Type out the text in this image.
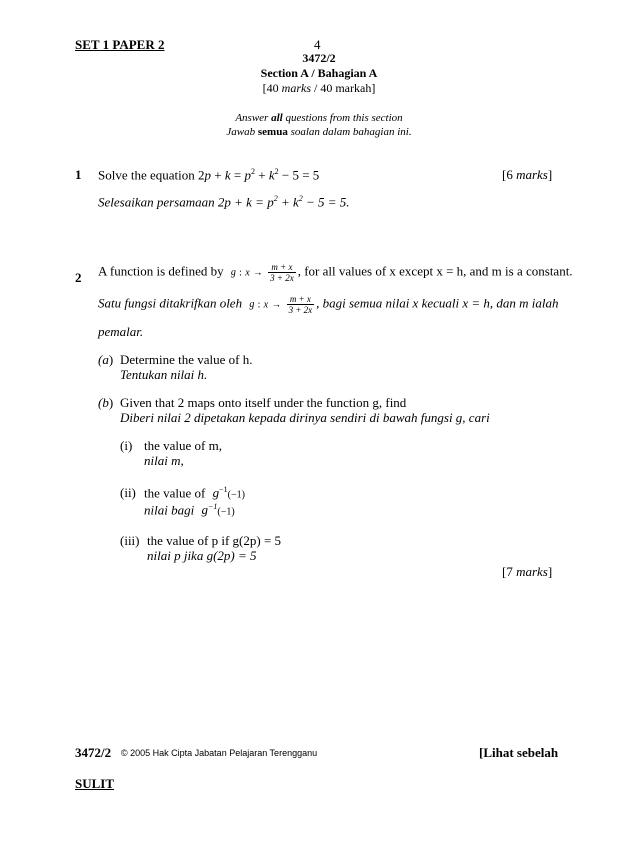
SET 1 PAPER 2	4
3472/2
Section A / Bahagian A
[40 marks / 40 markah]
Answer all questions from this section
Jawab semua soalan dalam bahagian ini.
1 Solve the equation $2p + k = p^2 + k^2 - 5 = 5$	[6 marks]
Selesaikan persamaan $2p + k = p^2 + k^2 - 5 = 5$.
2 A function is defined by g : $x \to \frac{m + x}{3 + 2x}$ , for all values of x except x = h, and m is a constant.
Satu fungsi ditakrifkan oleh g : $x \to \frac{m + x}{3 + 2x}$ , bagi semua nilai x kecuali x = h, dan m ialah
pemalar.
(a) Determine the value of h.
Tentukan nilai h.
(b) Given that 2 maps onto itself under the function g, find
Diberi nilai 2 dipetakan kepada dirinya sendiri di bawah fungsi g, cari
(i) the value of m,
nilai m,
(ii) the value of $g^{-1}(-1)$
nilai bagi $g^{-1}(-1)$
(iii) the value of p if g(2p) = 5
nilai p jika g(2p) = 5
[7 marks]
3472/2 © 2005 Hak Cipta Jabatan Pelajaran Terengganu	[Lihat sebelah
SULIT
